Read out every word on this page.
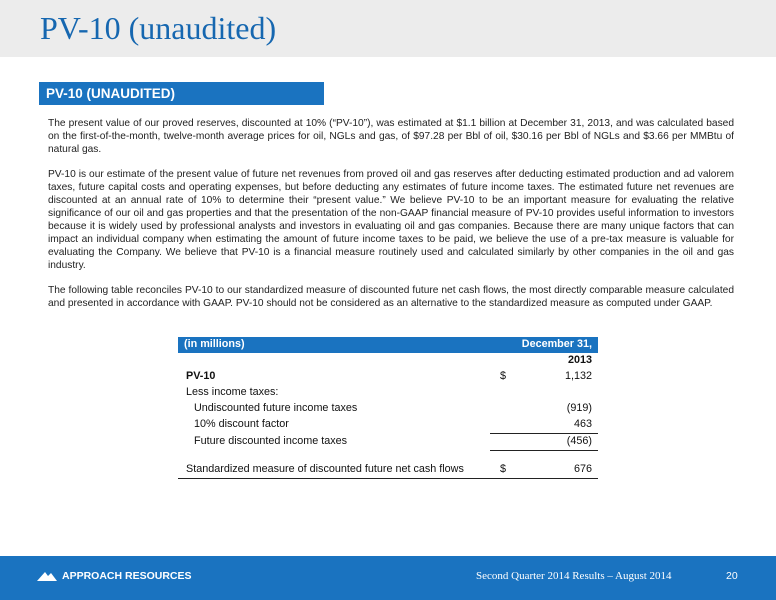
PV-10 (unaudited)
PV-10 (UNAUDITED)

The present value of our proved reserves, discounted at 10% (“PV-10”), was estimated at $1.1 billion at December 31, 2013, and was calculated based on the first-of-the-month, twelve-month average prices for oil, NGLs and gas, of $97.28 per Bbl of oil, $30.16 per Bbl of NGLs and $3.66 per MMBtu of natural gas.

PV-10 is our estimate of the present value of future net revenues from proved oil and gas reserves after deducting estimated production and ad valorem taxes, future capital costs and operating expenses, but before deducting any estimates of future income taxes. The estimated future net revenues are discounted at an annual rate of 10% to determine their “present value.” We believe PV-10 to be an important measure for evaluating the relative significance of our oil and gas properties and that the presentation of the non-GAAP financial measure of PV-10 provides useful information to investors because it is widely used by professional analysts and investors in evaluating oil and gas companies. Because there are many unique factors that can impact an individual company when estimating the amount of future income taxes to be paid, we believe the use of a pre-tax measure is valuable for evaluating the Company. We believe that PV-10 is a financial measure routinely used and calculated similarly by other companies in the oil and gas industry.

The following table reconciles PV-10 to our standardized measure of discounted future net cash flows, the most directly comparable measure calculated and presented in accordance with GAAP. PV-10 should not be considered as an alternative to the standardized measure as computed under GAAP.

(in millions)	December 31,
2013
PV-10	$	1,132
Less income taxes:
Undiscounted future income taxes	(919)
10% discount factor	463
Future discounted income taxes	(456)
Standardized measure of discounted future net cash flows	$	676
APPROACH RESOURCES	Second Quarter 2014 Results – August 2014	20
